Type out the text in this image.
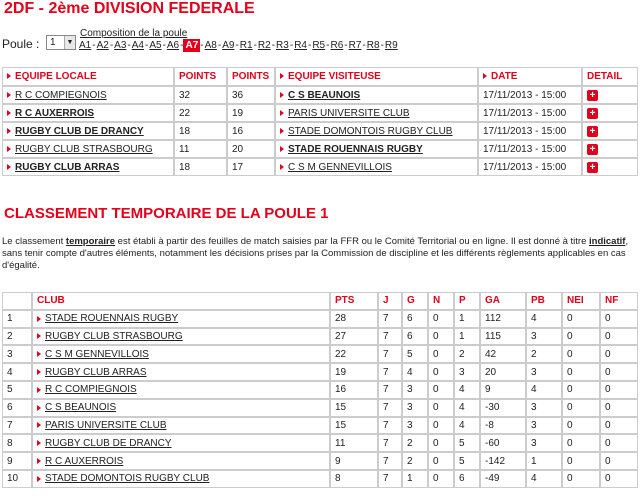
2DF - 2ème DIVISION FEDERALE
Poule :	1	▼
Composition de la poule
A1-A2-A3-A4-A5-A6- A7 -A8-A9-R1-R2-R3-R4-R5-R6-R7-R8-R9
EQUIPE LOCALE	POINTS	POINTS	EQUIPE VISITEUSE	DATE	DETAIL
R C COMPIEGNOIS	32	36	C S BEAUNOIS	17/11/2013 - 15:00	+
R C AUXERROIS	22	19	PARIS UNIVERSITE CLUB	17/11/2013 - 15:00	+
RUGBY CLUB DE DRANCY	18	16	STADE DOMONTOIS RUGBY CLUB	17/11/2013 - 15:00	+
RUGBY CLUB STRASBOURG	11	20	STADE ROUENNAIS RUGBY	17/11/2013 - 15:00	+
RUGBY CLUB ARRAS	18	17	C S M GENNEVILLOIS	17/11/2013 - 15:00	+
CLASSEMENT TEMPORAIRE DE LA POULE 1
Le classement temporaire est établi à partir des feuilles de match saisies par la FFR ou le Comité Territorial ou en ligne. Il est donné à titre indicatif, sans tenir compte d'autres éléments, notamment les décisions prises par la Commission de discipline et les différents règlements applicables en cas d'égalité.
	CLUB	PTS	J	G	N	P	GA	PB	NEI	NF
1	STADE ROUENNAIS RUGBY	28	7	6	0	1	112	4	0	0
2	RUGBY CLUB STRASBOURG	27	7	6	0	1	115	3	0	0
3	C S M GENNEVILLOIS	22	7	5	0	2	42	2	0	0
4	RUGBY CLUB ARRAS	19	7	4	0	3	20	3	0	0
5	R C COMPIEGNOIS	16	7	3	0	4	9	4	0	0
6	C S BEAUNOIS	15	7	3	0	4	-30	3	0	0
7	PARIS UNIVERSITE CLUB	15	7	3	0	4	-8	3	0	0
8	RUGBY CLUB DE DRANCY	11	7	2	0	5	-60	3	0	0
9	R C AUXERROIS	9	7	2	0	5	-142	1	0	0
10	STADE DOMONTOIS RUGBY CLUB	8	7	1	0	6	-49	4	0	0
